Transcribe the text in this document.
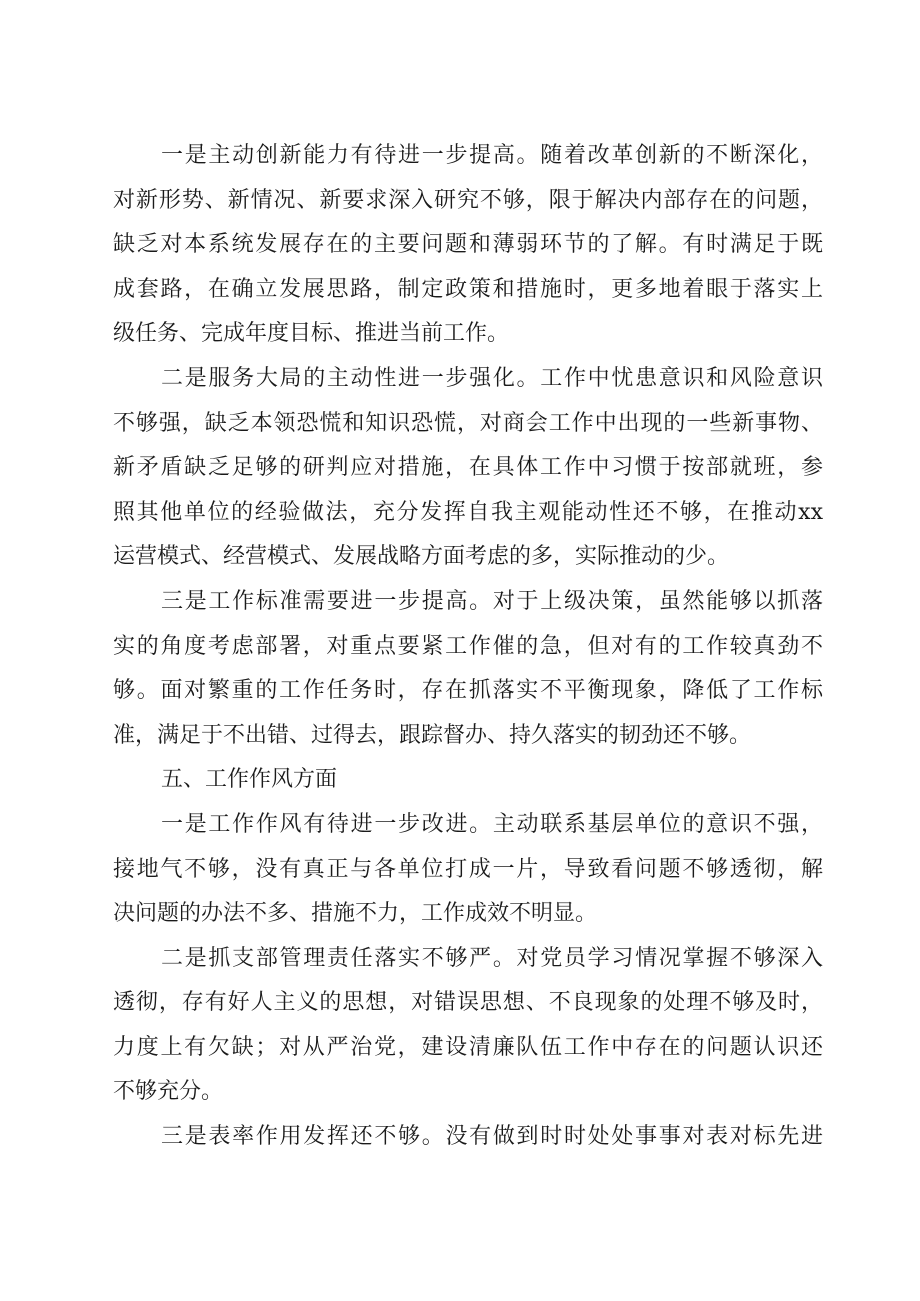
一是主动创新能力有待进一步提高。随着改革创新的不断深化，
对新形势、新情况、新要求深入研究不够，限于解决内部存在的问题，
缺乏对本系统发展存在的主要问题和薄弱环节的了解。有时满足于既
成套路，在确立发展思路，制定政策和措施时，更多地着眼于落实上
级任务、完成年度目标、推进当前工作。
二是服务大局的主动性进一步强化。工作中忧患意识和风险意识
不够强，缺乏本领恐慌和知识恐慌，对商会工作中出现的一些新事物、
新矛盾缺乏足够的研判应对措施，在具体工作中习惯于按部就班，参
照其他单位的经验做法，充分发挥自我主观能动性还不够，在推动xx
运营模式、经营模式、发展战略方面考虑的多，实际推动的少。
三是工作标准需要进一步提高。对于上级决策，虽然能够以抓落
实的角度考虑部署，对重点要紧工作催的急，但对有的工作较真劲不
够。面对繁重的工作任务时，存在抓落实不平衡现象，降低了工作标
准，满足于不出错、过得去，跟踪督办、持久落实的韧劲还不够。
五、工作作风方面
一是工作作风有待进一步改进。主动联系基层单位的意识不强，
接地气不够，没有真正与各单位打成一片，导致看问题不够透彻，解
决问题的办法不多、措施不力，工作成效不明显。
二是抓支部管理责任落实不够严。对党员学习情况掌握不够深入
透彻，存有好人主义的思想，对错误思想、不良现象的处理不够及时，
力度上有欠缺；对从严治党，建设清廉队伍工作中存在的问题认识还
不够充分。
三是表率作用发挥还不够。没有做到时时处处事事对表对标先进
